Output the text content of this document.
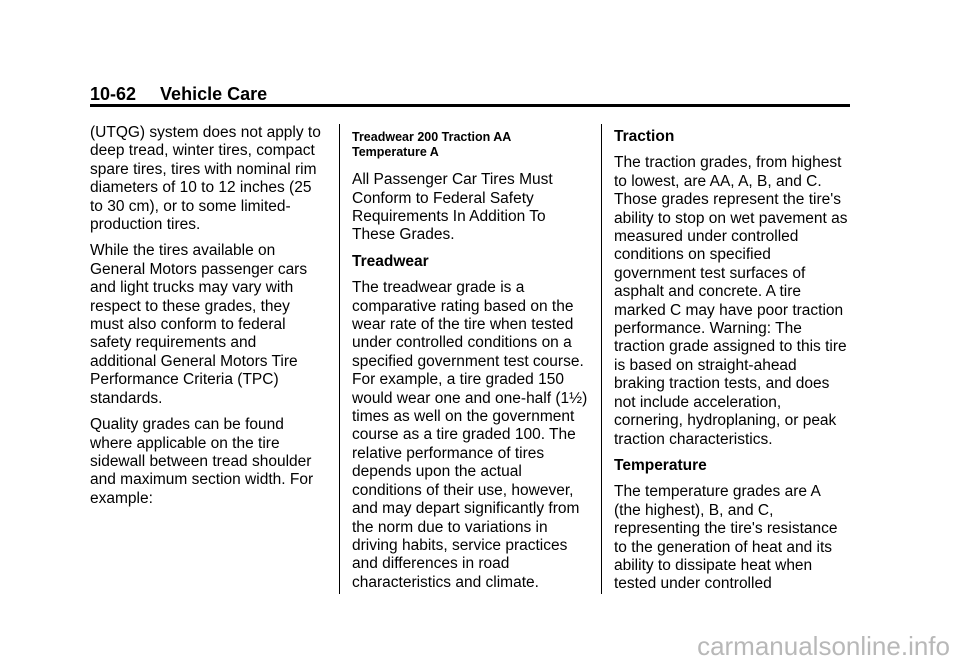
10-62 Vehicle Care

(UTQG) system does not apply to deep tread, winter tires, compact spare tires, tires with nominal rim diameters of 10 to 12 inches (25 to 30 cm), or to some limited-production tires.

While the tires available on General Motors passenger cars and light trucks may vary with respect to these grades, they must also conform to federal safety requirements and additional General Motors Tire Performance Criteria (TPC) standards.

Quality grades can be found where applicable on the tire sidewall between tread shoulder and maximum section width. For example:

Treadwear 200 Traction AA Temperature A

All Passenger Car Tires Must Conform to Federal Safety Requirements In Addition To These Grades.

Treadwear

The treadwear grade is a comparative rating based on the wear rate of the tire when tested under controlled conditions on a specified government test course. For example, a tire graded 150 would wear one and one-half (1½) times as well on the government course as a tire graded 100. The relative performance of tires depends upon the actual conditions of their use, however, and may depart significantly from the norm due to variations in driving habits, service practices and differences in road characteristics and climate.

Traction

The traction grades, from highest to lowest, are AA, A, B, and C. Those grades represent the tire's ability to stop on wet pavement as measured under controlled conditions on specified government test surfaces of asphalt and concrete. A tire marked C may have poor traction performance. Warning: The traction grade assigned to this tire is based on straight-ahead braking traction tests, and does not include acceleration, cornering, hydroplaning, or peak traction characteristics.

Temperature

The temperature grades are A (the highest), B, and C, representing the tire's resistance to the generation of heat and its ability to dissipate heat when tested under controlled

carmanualsonline.info
